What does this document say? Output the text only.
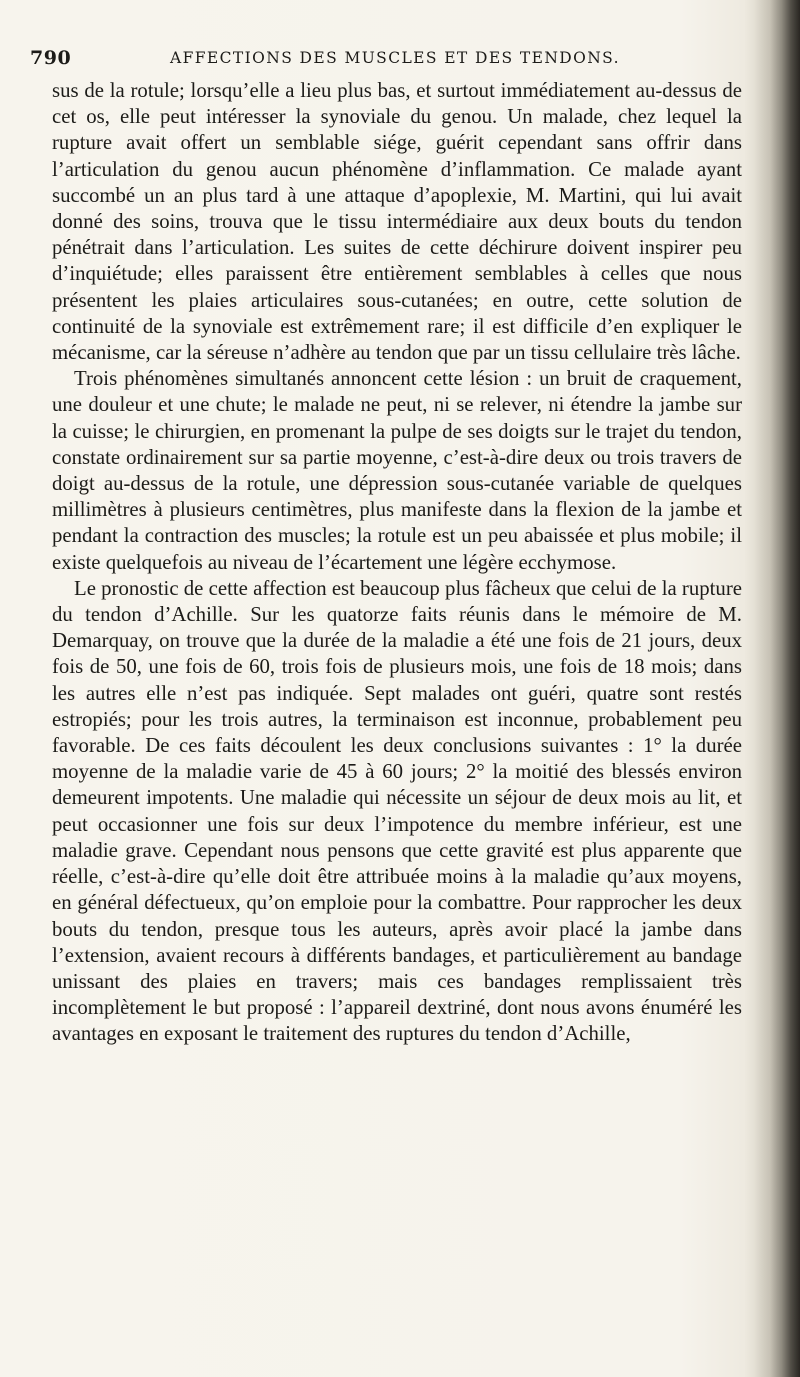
790	AFFECTIONS DES MUSCLES ET DES TENDONS.

sus de la rotule; lorsqu’elle a lieu plus bas, et surtout immédiatement au-dessus de cet os, elle peut intéresser la synoviale du genou. Un malade, chez lequel la rupture avait offert un semblable siége, guérit cependant sans offrir dans l’articulation du genou aucun phénomène d’inflammation. Ce malade ayant succombé un an plus tard à une attaque d’apoplexie, M. Martini, qui lui avait donné des soins, trouva que le tissu intermédiaire aux deux bouts du tendon pénétrait dans l’articulation. Les suites de cette déchirure doivent inspirer peu d’inquiétude; elles paraissent être entièrement semblables à celles que nous présentent les plaies articulaires sous-cutanées; en outre, cette solution de continuité de la synoviale est extrêmement rare; il est difficile d’en expliquer le mécanisme, car la séreuse n’adhère au tendon que par un tissu cellulaire très lâche.

Trois phénomènes simultanés annoncent cette lésion : un bruit de craquement, une douleur et une chute; le malade ne peut, ni se relever, ni étendre la jambe sur la cuisse; le chirurgien, en promenant la pulpe de ses doigts sur le trajet du tendon, constate ordinairement sur sa partie moyenne, c’est-à-dire deux ou trois travers de doigt au-dessus de la rotule, une dépression sous-cutanée variable de quelques millimètres à plusieurs centimètres, plus manifeste dans la flexion de la jambe et pendant la contraction des muscles; la rotule est un peu abaissée et plus mobile; il existe quelquefois au niveau de l’écartement une légère ecchymose.

Le pronostic de cette affection est beaucoup plus fâcheux que celui de la rupture du tendon d’Achille. Sur les quatorze faits réunis dans le mémoire de M. Demarquay, on trouve que la durée de la maladie a été une fois de 21 jours, deux fois de 50, une fois de 60, trois fois de plusieurs mois, une fois de 18 mois; dans les autres elle n’est pas indiquée. Sept malades ont guéri, quatre sont restés estropiés; pour les trois autres, la terminaison est inconnue, probablement peu favorable. De ces faits découlent les deux conclusions suivantes : 1° la durée moyenne de la maladie varie de 45 à 60 jours; 2° la moitié des blessés environ demeurent impotents. Une maladie qui nécessite un séjour de deux mois au lit, et peut occasionner une fois sur deux l’impotence du membre inférieur, est une maladie grave. Cependant nous pensons que cette gravité est plus apparente que réelle, c’est-à-dire qu’elle doit être attribuée moins à la maladie qu’aux moyens, en général défectueux, qu’on emploie pour la combattre. Pour rapprocher les deux bouts du tendon, presque tous les auteurs, après avoir placé la jambe dans l’extension, avaient recours à différents bandages, et particulièrement au bandage unissant des plaies en travers; mais ces bandages remplissaient très incomplètement le but proposé : l’appareil dextriné, dont nous avons énuméré les avantages en exposant le traitement des ruptures du tendon d’Achille,
